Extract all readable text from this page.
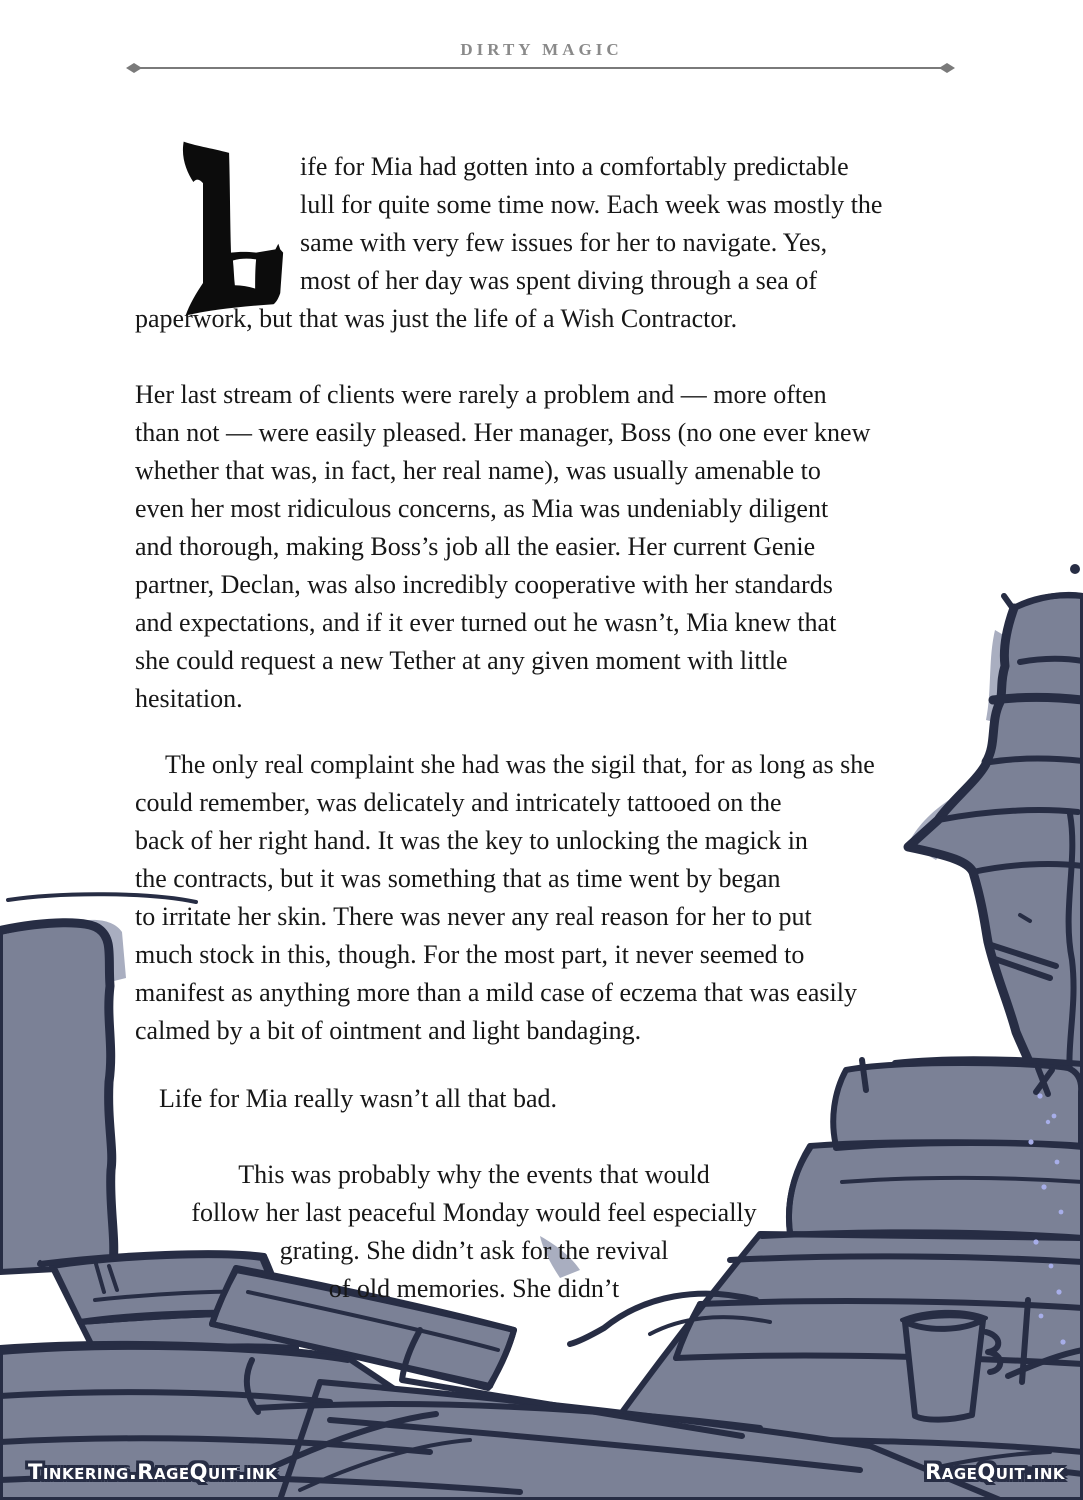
DIRTY MAGIC
ife for Mia had gotten into a comfortably predictable
lull for quite some time now. Each week was mostly the
same with very few issues for her to navigate. Yes,
most of her day was spent diving through a sea of
paperwork, but that was just the life of a Wish Contractor.
Her last stream of clients were rarely a problem and — more often
than not — were easily pleased. Her manager, Boss (no one ever knew
whether that was, in fact, her real name), was usually amenable to
even her most ridiculous concerns, as Mia was undeniably diligent
and thorough, making Boss’s job all the easier. Her current Genie
partner, Declan, was also incredibly cooperative with her standards
and expectations, and if it ever turned out he wasn’t, Mia knew that
she could request a new Tether at any given moment with little
hesitation.
The only real complaint she had was the sigil that, for as long as she
could remember, was delicately and intricately tattooed on the
back of her right hand. It was the key to unlocking the magick in
the contracts, but it was something that as time went by began
to irritate her skin. There was never any real reason for her to put
much stock in this, though. For the most part, it never seemed to
manifest as anything more than a mild case of eczema that was easily
calmed by a bit of ointment and light bandaging.
Life for Mia really wasn’t all that bad.
This was probably why the events that would
follow her last peaceful Monday would feel especially
grating. She didn’t ask for the revival
of old memories. She didn’t
Tinkering.RageQuit.ink	RageQuit.ink
